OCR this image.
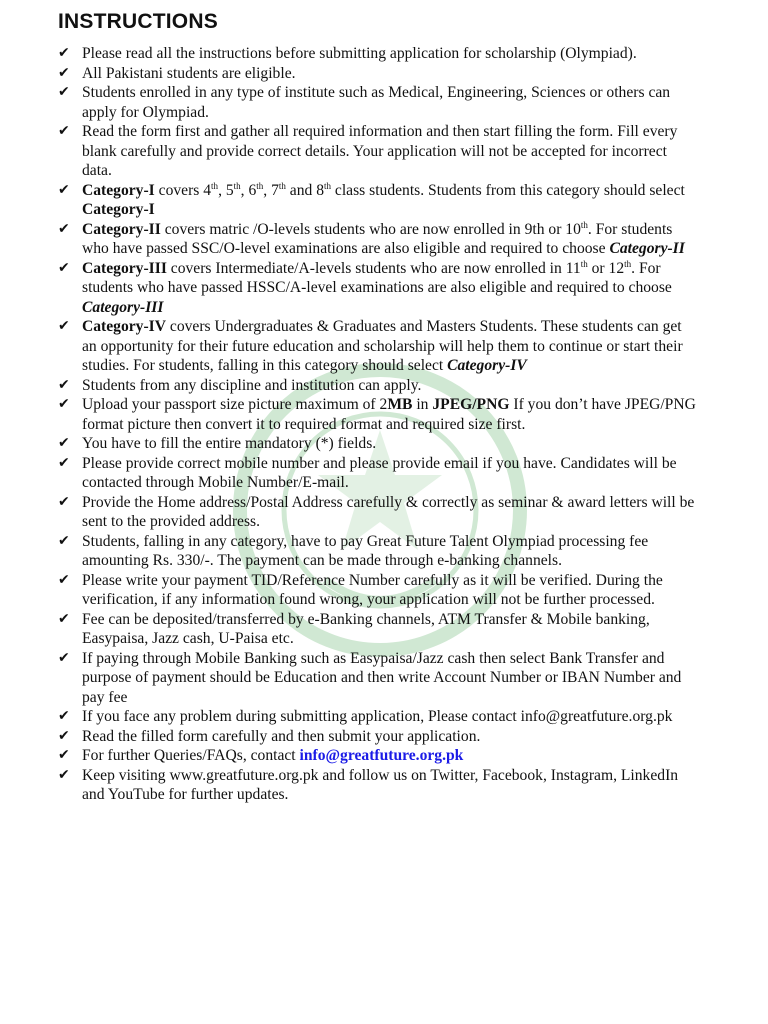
INSTRUCTIONS
✔ Please read all the instructions before submitting application for scholarship (Olympiad).
✔ All Pakistani students are eligible.
✔ Students enrolled in any type of institute such as Medical, Engineering, Sciences or others can apply for Olympiad.
✔ Read the form first and gather all required information and then start filling the form. Fill every blank carefully and provide correct details. Your application will not be accepted for incorrect data.
✔ Category-I covers 4th, 5th, 6th, 7th and 8th class students. Students from this category should select Category-I
✔ Category-II covers matric /O-levels students who are now enrolled in 9th or 10th. For students who have passed SSC/O-level examinations are also eligible and required to choose Category-II
✔ Category-III covers Intermediate/A-levels students who are now enrolled in 11th or 12th. For students who have passed HSSC/A-level examinations are also eligible and required to choose Category-III
✔ Category-IV covers Undergraduates & Graduates and Masters Students. These students can get an opportunity for their future education and scholarship will help them to continue or start their studies. For students, falling in this category should select Category-IV
✔ Students from any discipline and institution can apply.
✔ Upload your passport size picture maximum of 2MB in JPEG/PNG If you don’t have JPEG/PNG format picture then convert it to required format and required size first.
✔ You have to fill the entire mandatory (*) fields.
✔ Please provide correct mobile number and please provide email if you have. Candidates will be contacted through Mobile Number/E-mail.
✔ Provide the Home address/Postal Address carefully & correctly as seminar & award letters will be sent to the provided address.
✔ Students, falling in any category, have to pay Great Future Talent Olympiad processing fee amounting Rs. 330/-. The payment can be made through e-banking channels.
✔ Please write your payment TID/Reference Number carefully as it will be verified. During the verification, if any information found wrong, your application will not be further processed.
✔ Fee can be deposited/transferred by e-Banking channels, ATM Transfer & Mobile banking, Easypaisa, Jazz cash, U-Paisa etc.
✔ If paying through Mobile Banking such as Easypaisa/Jazz cash then select Bank Transfer and purpose of payment should be Education and then write Account Number or IBAN Number and pay fee
✔ If you face any problem during submitting application, Please contact info@greatfuture.org.pk
✔ Read the filled form carefully and then submit your application.
✔ For further Queries/FAQs, contact info@greatfuture.org.pk
✔ Keep visiting www.greatfuture.org.pk and follow us on Twitter, Facebook, Instagram, LinkedIn and YouTube for further updates.
